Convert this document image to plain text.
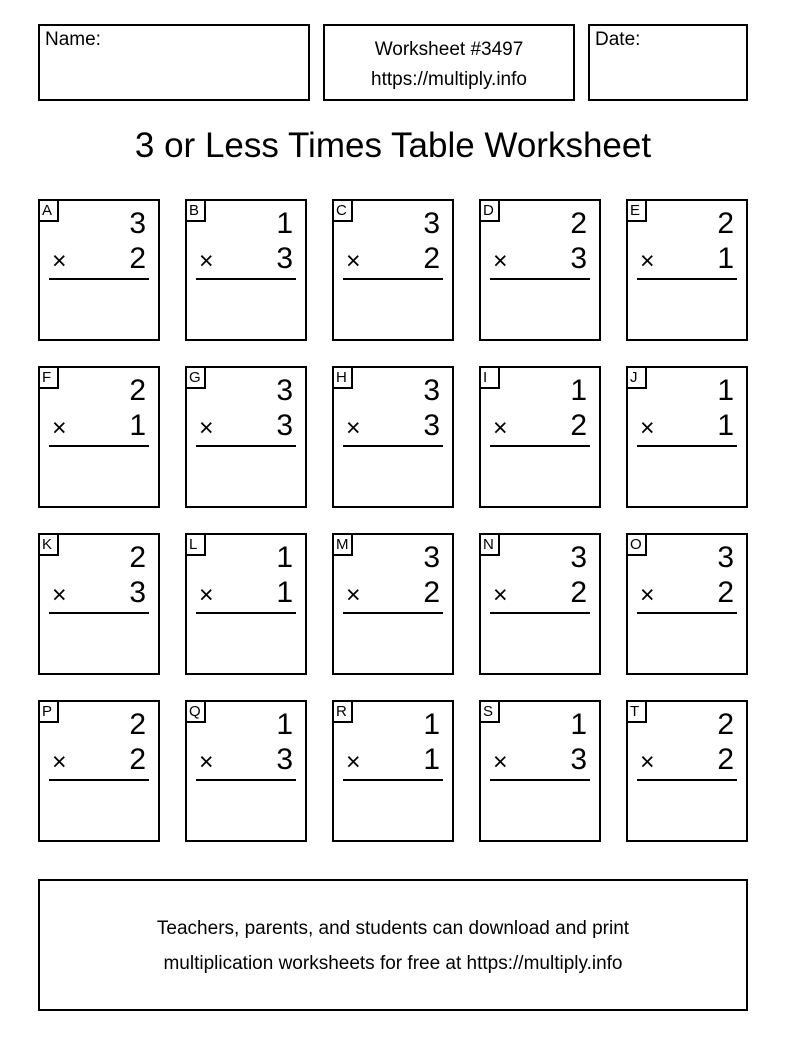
Name:	Worksheet #3497
https://multiply.info
Date:
3 or Less Times Table Worksheet
A	3
× 2
B	1
× 3
C	3
× 2
D	2
× 3
E	2
× 1
F	2
× 1
G	3
× 3
H	3
× 3
I	1
× 2
J	1
× 1
K	2
× 3
L	1
× 1
M 3
× 2
N	3
× 2
O	3
× 2
P	2
× 2
Q	1
× 3
R	1
× 1
S	1
× 3
T	2
× 2
Teachers, parents, and students can download and print
multiplication worksheets for free at https://multiply.info
